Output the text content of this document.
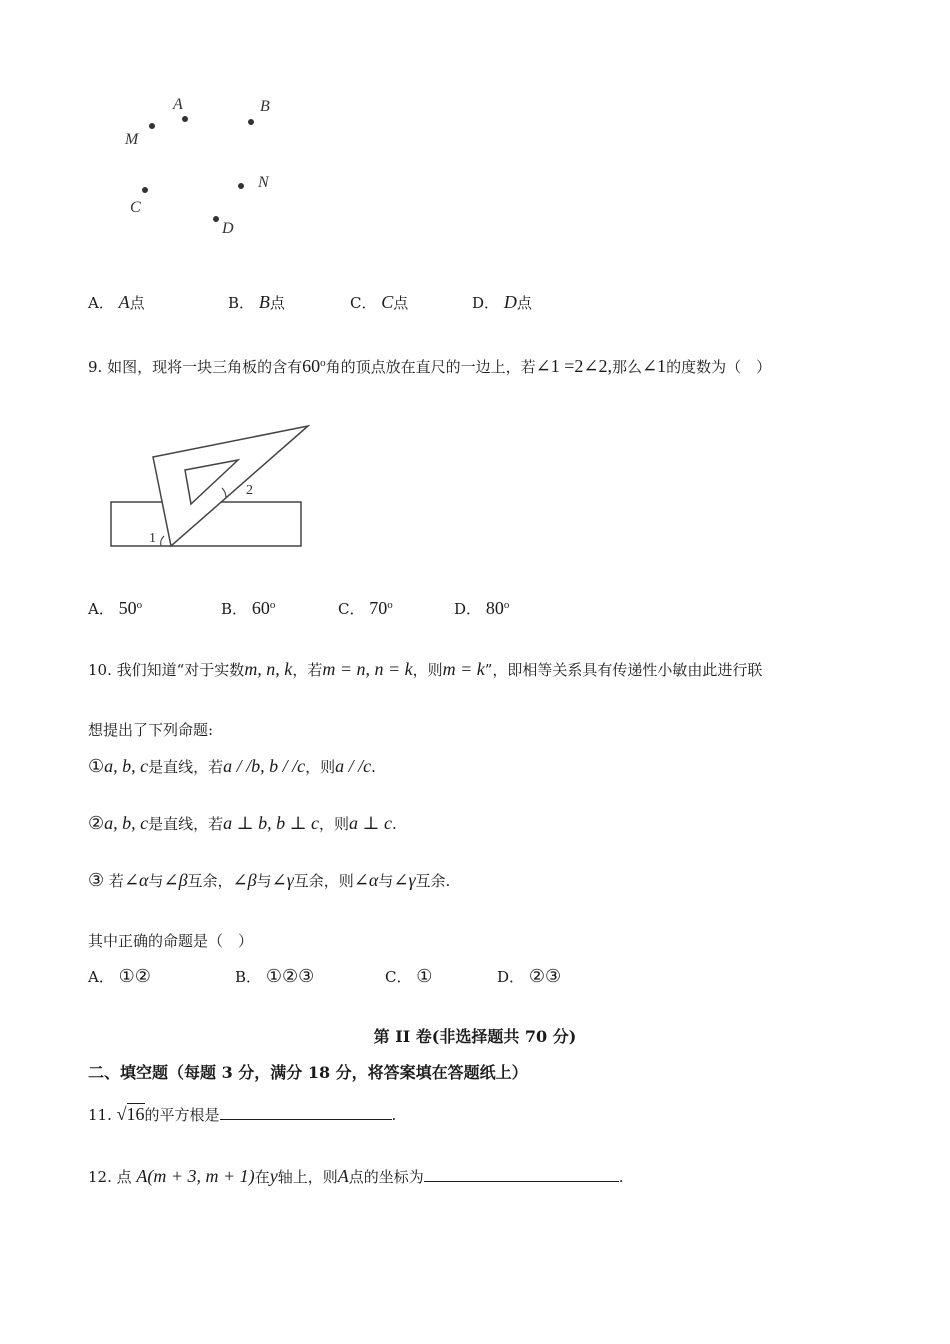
A	B
M
C
N
D
A． A点	B． B点	C． C点	D． D点
9. 如图，现将一块三角板的含有60$^o$角的顶点放在直尺的一边上，若∠1 =2∠2,那么∠1的度数为（　）
2
1
A． 50$^o$	B． 60$^o$	C． 70$^o$	D． 80$^o$
10. 我们知道“对于实数m, n, k，若m = n, n = k，则m = k”，即相等关系具有传递性小敏由此进行联
想提出了下列命题:
①a, b, c是直线，若a / /b, b / /c，则a / /c.
②a, b, c是直线，若a ⊥ b, b ⊥ c，则a ⊥ c.
③ 若∠α与∠β互余，∠β与∠γ互余，则∠α与∠γ互余.
其中正确的命题是（　）
A． ①②	B． ①②③	C． ①	D． ②③
第 II 卷(非选择题共 70 分)
二、填空题（每题 3 分，满分 18 分，将答案填在答题纸上）
11. √16的平方根是	.
12. 点 A(m + 3, m + 1)在y轴上，则A点的坐标为	.
